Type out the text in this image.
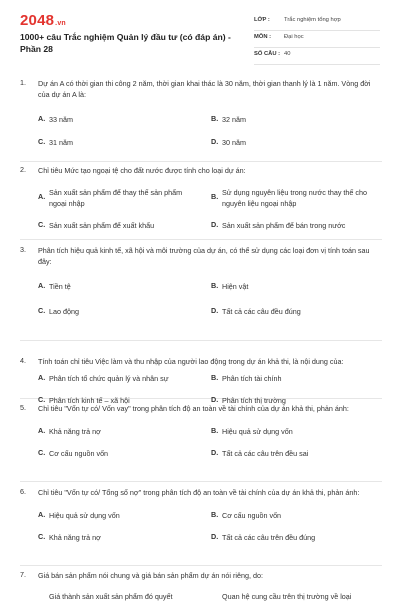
2048.vn
1000+ câu Trắc nghiệm Quản lý đầu tư (có đáp án) - Phần 28
LỚP : Trắc nghiệm tổng hợp
MÔN : Đại học
SỐ CÂU : 40
1. Dự án A có thời gian thi công 2 năm, thời gian khai thác là 30 năm, thời gian thanh lý là 1 năm. Vòng đời của dự án A là:
A. 33 năm	B. 32 năm
C. 31 năm	D. 30 năm
2. Chỉ tiêu Mức tạo ngoại tệ cho đất nước được tính cho loại dự án:
A. Sản xuất sản phẩm để thay thế sản phẩm ngoại nhập
B. Sử dụng nguyên liệu trong nước thay thế cho nguyên liệu ngoại nhập
C. Sản xuất sản phẩm để xuất khẩu	D. Sản xuất sản phẩm để bán trong nước
3. Phân tích hiệu quả kinh tế, xã hội và môi trường của dự án, có thể sử dụng các loại đơn vị tính toán sau đây:
A. Tiền tệ	B. Hiện vật
C. Lao động	D. Tất cả các câu đều đúng
4. Tính toán chỉ tiêu Việc làm và thu nhập của người lao động trong dự án khả thi, là nội dung của:
A. Phân tích tổ chức quản lý và nhân sự	B. Phân tích tài chính
C. Phân tích kinh tế – xã hội	D. Phân tích thị trường
5. Chỉ tiêu "Vốn tự có/ Vốn vay" trong phân tích độ an toàn về tài chính của dự án khả thi, phản ánh:
A. Khả năng trả nợ	B. Hiệu quả sử dụng vốn
C. Cơ cấu nguồn vốn	D. Tất cả các câu trên đều sai
6. Chỉ tiêu "Vốn tự có/ Tổng số nợ" trong phân tích độ an toàn về tài chính của dự án khả thi, phản ánh:
A. Hiệu quả sử dụng vốn	B. Cơ cấu nguồn vốn
C. Khả năng trả nợ	D. Tất cả các câu trên đều đúng
7. Giá bán sản phẩm nói chung và giá bán sản phẩm dự án nói riêng, do:
Giá thành sản xuất sản phẩm đó quyết	Quan hệ cung cầu trên thị trường về loại
